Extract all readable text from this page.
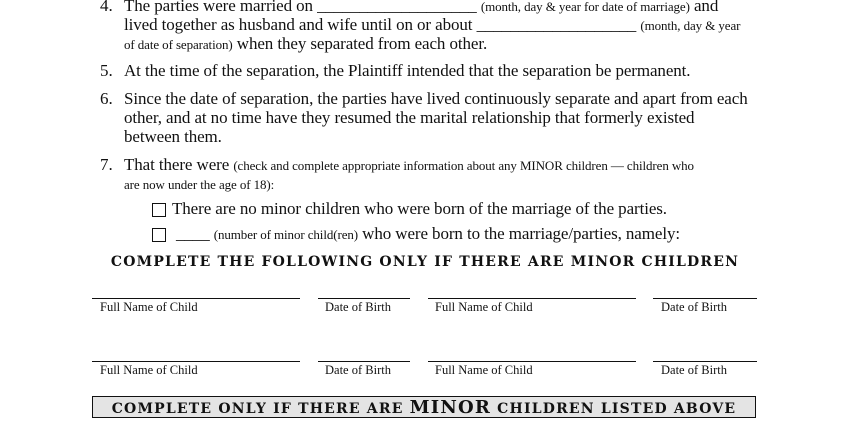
4. The parties were married on ___________________ (month, day & year for date of marriage) and
lived together as husband and wife until on or about ___________________ (month, day & year
of date of separation) when they separated from each other.
5. At the time of the separation, the Plaintiff intended that the separation be permanent.
6. Since the date of separation, the parties have lived continuously separate and apart from each
other, and at no time have they resumed the marital relationship that formerly existed
between them.
7. That there were (check and complete appropriate information about any MINOR children — children who
are now under the age of 18):
There are no minor children who were born of the marriage of the parties.
____ (number of minor child(ren) who were born to the marriage/parties, namely:
COMPLETE THE FOLLOWING ONLY IF THERE ARE MINOR CHILDREN
Full Name of Child	Date of Birth	Full Name of Child	Date of Birth
Full Name of Child	Date of Birth	Full Name of Child	Date of Birth
COMPLETE ONLY IF THERE ARE MINOR CHILDREN LISTED ABOVE
